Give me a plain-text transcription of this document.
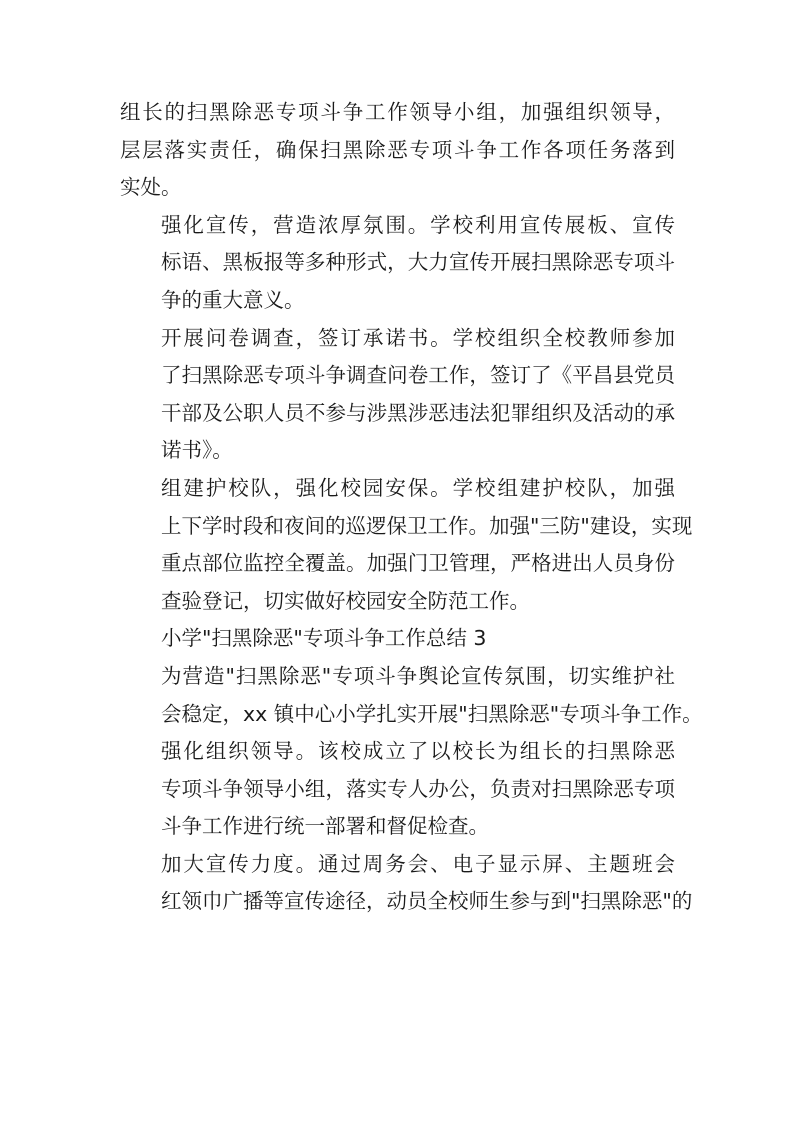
组长的扫黑除恶专项斗争工作领导小组，加强组织领导，
层层落实责任，确保扫黑除恶专项斗争工作各项任务落到
实处。

强化宣传，营造浓厚氛围。学校利用宣传展板、宣传
标语、黑板报等多种形式，大力宣传开展扫黑除恶专项斗
争的重大意义。

开展问卷调查，签订承诺书。学校组织全校教师参加
了扫黑除恶专项斗争调查问卷工作，签订了《平昌县党员
干部及公职人员不参与涉黑涉恶违法犯罪组织及活动的承
诺书》。

组建护校队，强化校园安保。学校组建护校队，加强
上下学时段和夜间的巡逻保卫工作。加强"三防"建设，实现
重点部位监控全覆盖。加强门卫管理，严格进出人员身份
查验登记，切实做好校园安全防范工作。

小学"扫黑除恶"专项斗争工作总结 3

为营造"扫黑除恶"专项斗争舆论宣传氛围，切实维护社
会稳定，xx 镇中心小学扎实开展"扫黑除恶"专项斗争工作。

强化组织领导。该校成立了以校长为组长的扫黑除恶
专项斗争领导小组，落实专人办公，负责对扫黑除恶专项
斗争工作进行统一部署和督促检查。

加大宣传力度。通过周务会、电子显示屏、主题班会
红领巾广播等宣传途径，动员全校师生参与到"扫黑除恶"的
